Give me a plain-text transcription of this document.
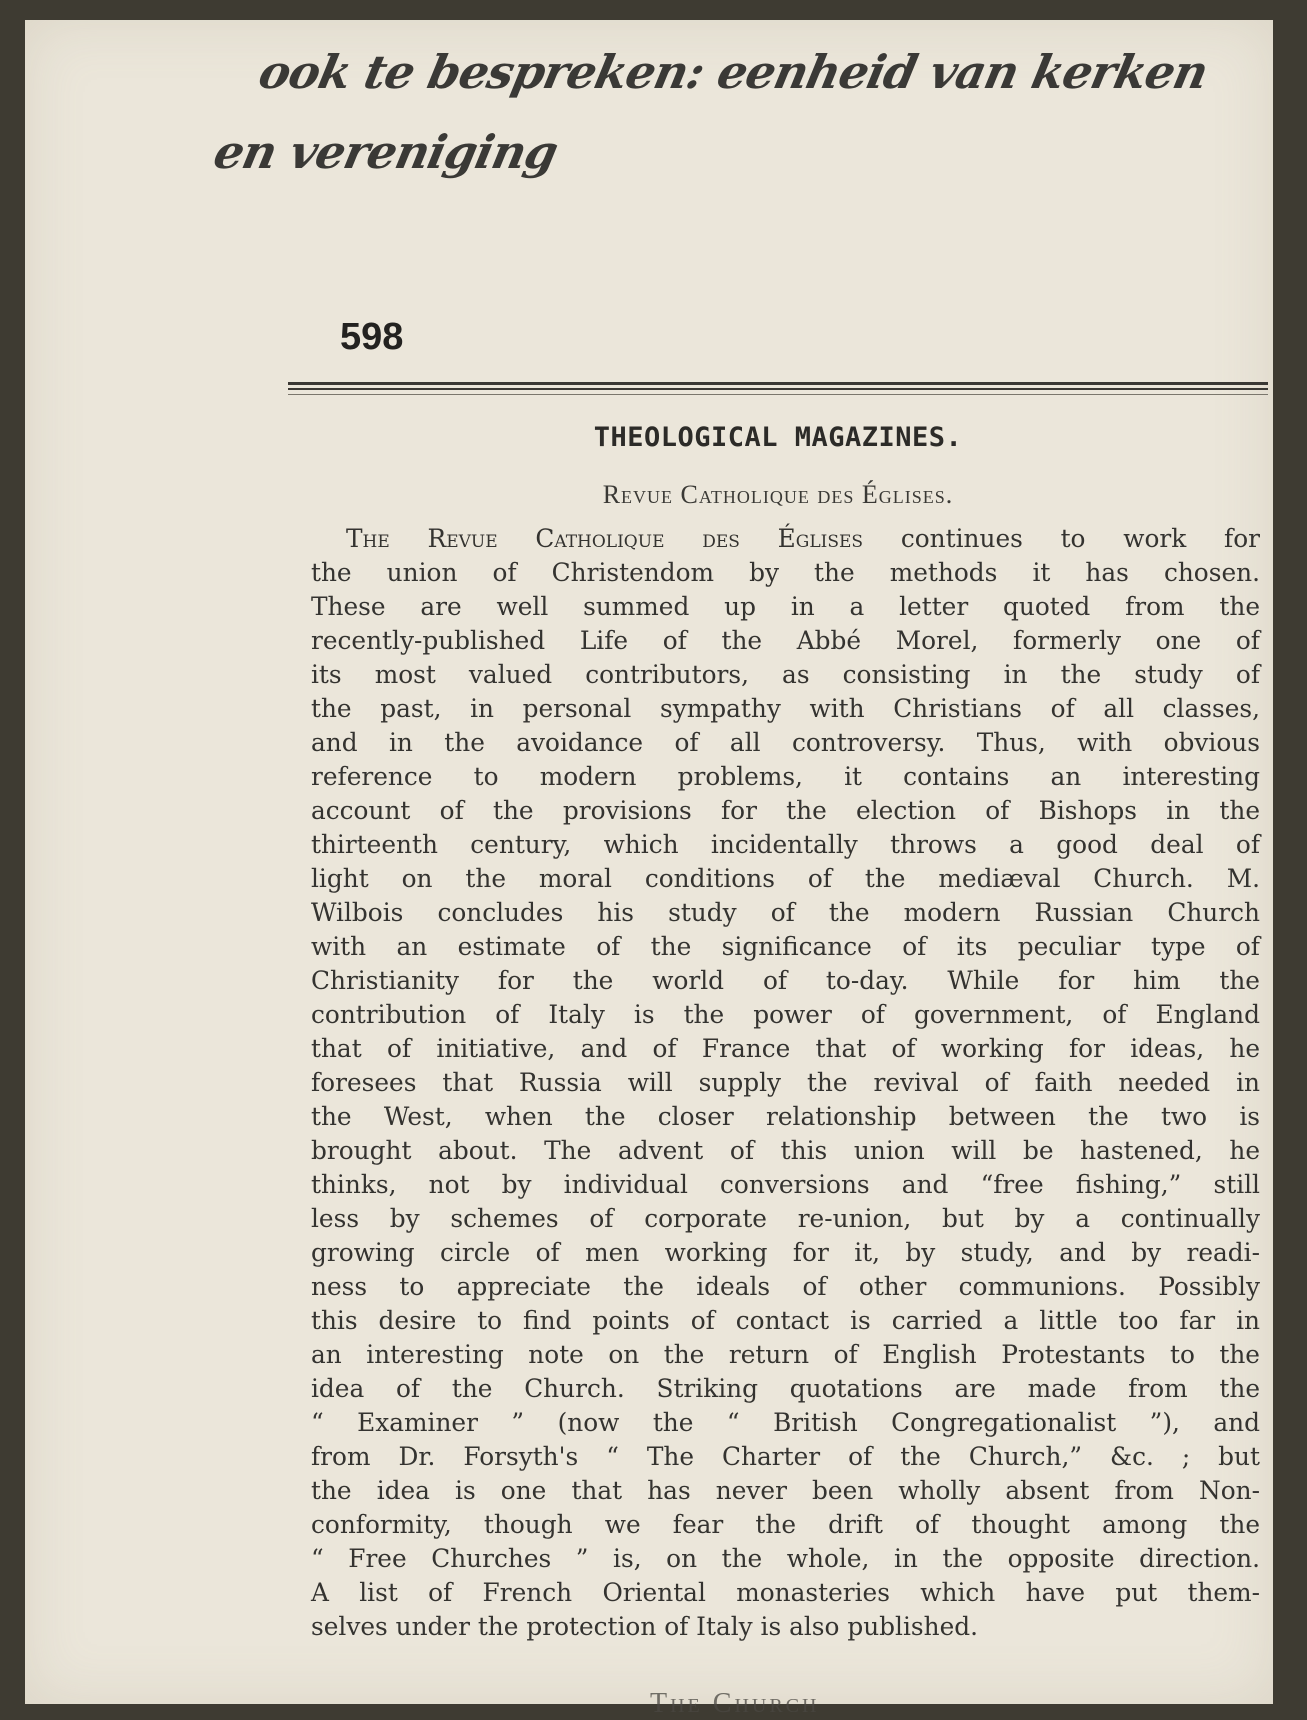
ook te bespreken: eenheid van kerken
en vereniging
598
THEOLOGICAL MAGAZINES.
Revue Catholique des Églises.
The Revue Catholique des Églises continues to work for
the union of Christendom by the methods it has chosen.
These are well summed up in a letter quoted from the
recently-published Life of the Abbé Morel, formerly one of
its most valued contributors, as consisting in the study of
the past, in personal sympathy with Christians of all classes,
and in the avoidance of all controversy. Thus, with obvious
reference to modern problems, it contains an interesting
account of the provisions for the election of Bishops in the
thirteenth century, which incidentally throws a good deal of
light on the moral conditions of the mediæval Church. M.
Wilbois concludes his study of the modern Russian Church
with an estimate of the significance of its peculiar type of
Christianity for the world of to-day. While for him the
contribution of Italy is the power of government, of England
that of initiative, and of France that of working for ideas, he
foresees that Russia will supply the revival of faith needed in
the West, when the closer relationship between the two is
brought about. The advent of this union will be hastened, he
thinks, not by individual conversions and “free fishing,” still
less by schemes of corporate re-union, but by a continually
growing circle of men working for it, by study, and by readi-
ness to appreciate the ideals of other communions. Possibly
this desire to find points of contact is carried a little too far in
an interesting note on the return of English Protestants to the
idea of the Church. Striking quotations are made from the
“ Examiner ” (now the “ British Congregationalist ”), and
from Dr. Forsyth's “ The Charter of the Church,” &c. ; but
the idea is one that has never been wholly absent from Non-
conformity, though we fear the drift of thought among the
“ Free Churches ” is, on the whole, in the opposite direction.
A list of French Oriental monasteries which have put them-
selves under the protection of Italy is also published.
The Church
